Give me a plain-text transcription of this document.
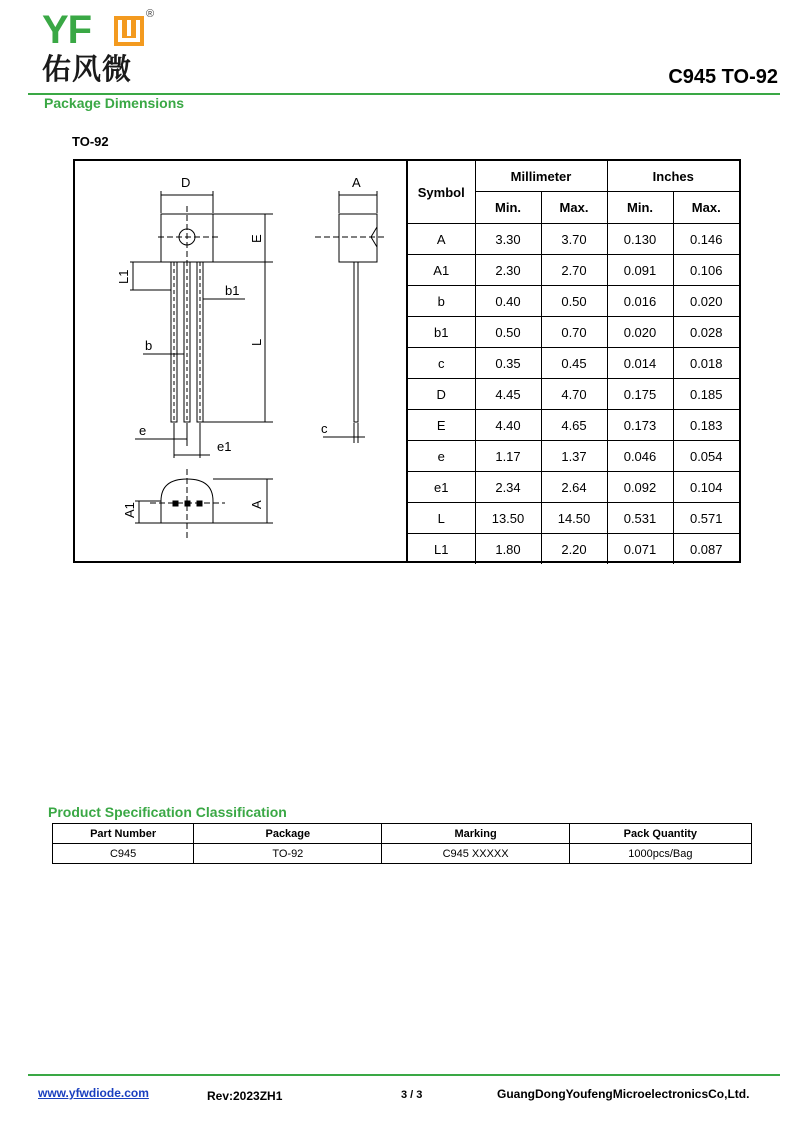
YF	®
佑风微	C945 TO-92
Package Dimensions
TO-92
D
E
L1
b1
b	L
e
e1
A
c
A1	A
Symbol	Millimeter		Inches	
	Min.	Max.	Min.	Max.
A	3.30	3.70	0.130	0.146
A1	2.30	2.70	0.091	0.106
b	0.40	0.50	0.016	0.020
b1	0.50	0.70	0.020	0.028
c	0.35	0.45	0.014	0.018
D	4.45	4.70	0.175	0.185
E	4.40	4.65	0.173	0.183
e	1.17	1.37	0.046	0.054
e1	2.34	2.64	0.092	0.104
L	13.50	14.50	0.531	0.571
L1	1.80	2.20	0.071	0.087
Product Specification Classification
Part Number	Package	Marking	Pack Quantity
C945	TO-92	C945 XXXXX	1000pcs/Bag
www.yfwdiode.com	Rev:2023ZH1	3 / 3	GuangDongYoufengMicroelectronicsCo,Ltd.
